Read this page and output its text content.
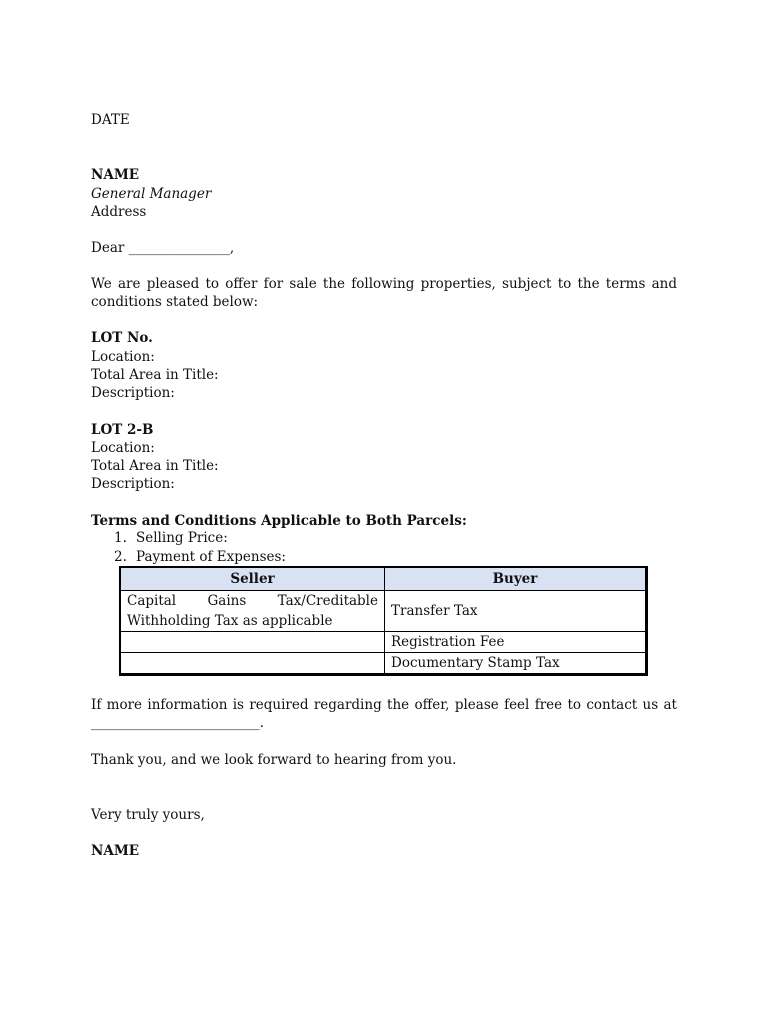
DATE
NAME
General Manager
Address
Dear _______________,
We are pleased to offer for sale the following properties, subject to the terms and
conditions stated below:
LOT No.
Location:
Total Area in Title:
Description:
LOT 2-B
Location:
Total Area in Title:
Description:
Terms and Conditions Applicable to Both Parcels:
1. Selling Price:
2. Payment of Expenses:
Seller	Buyer

Capital Gains Tax/Creditable
Withholding Tax as applicable	Transfer Tax
	Registration Fee
	Documentary Stamp Tax
If more information is required regarding the offer, please feel free to contact us at
_________________________.
Thank you, and we look forward to hearing from you.
Very truly yours,
NAME
